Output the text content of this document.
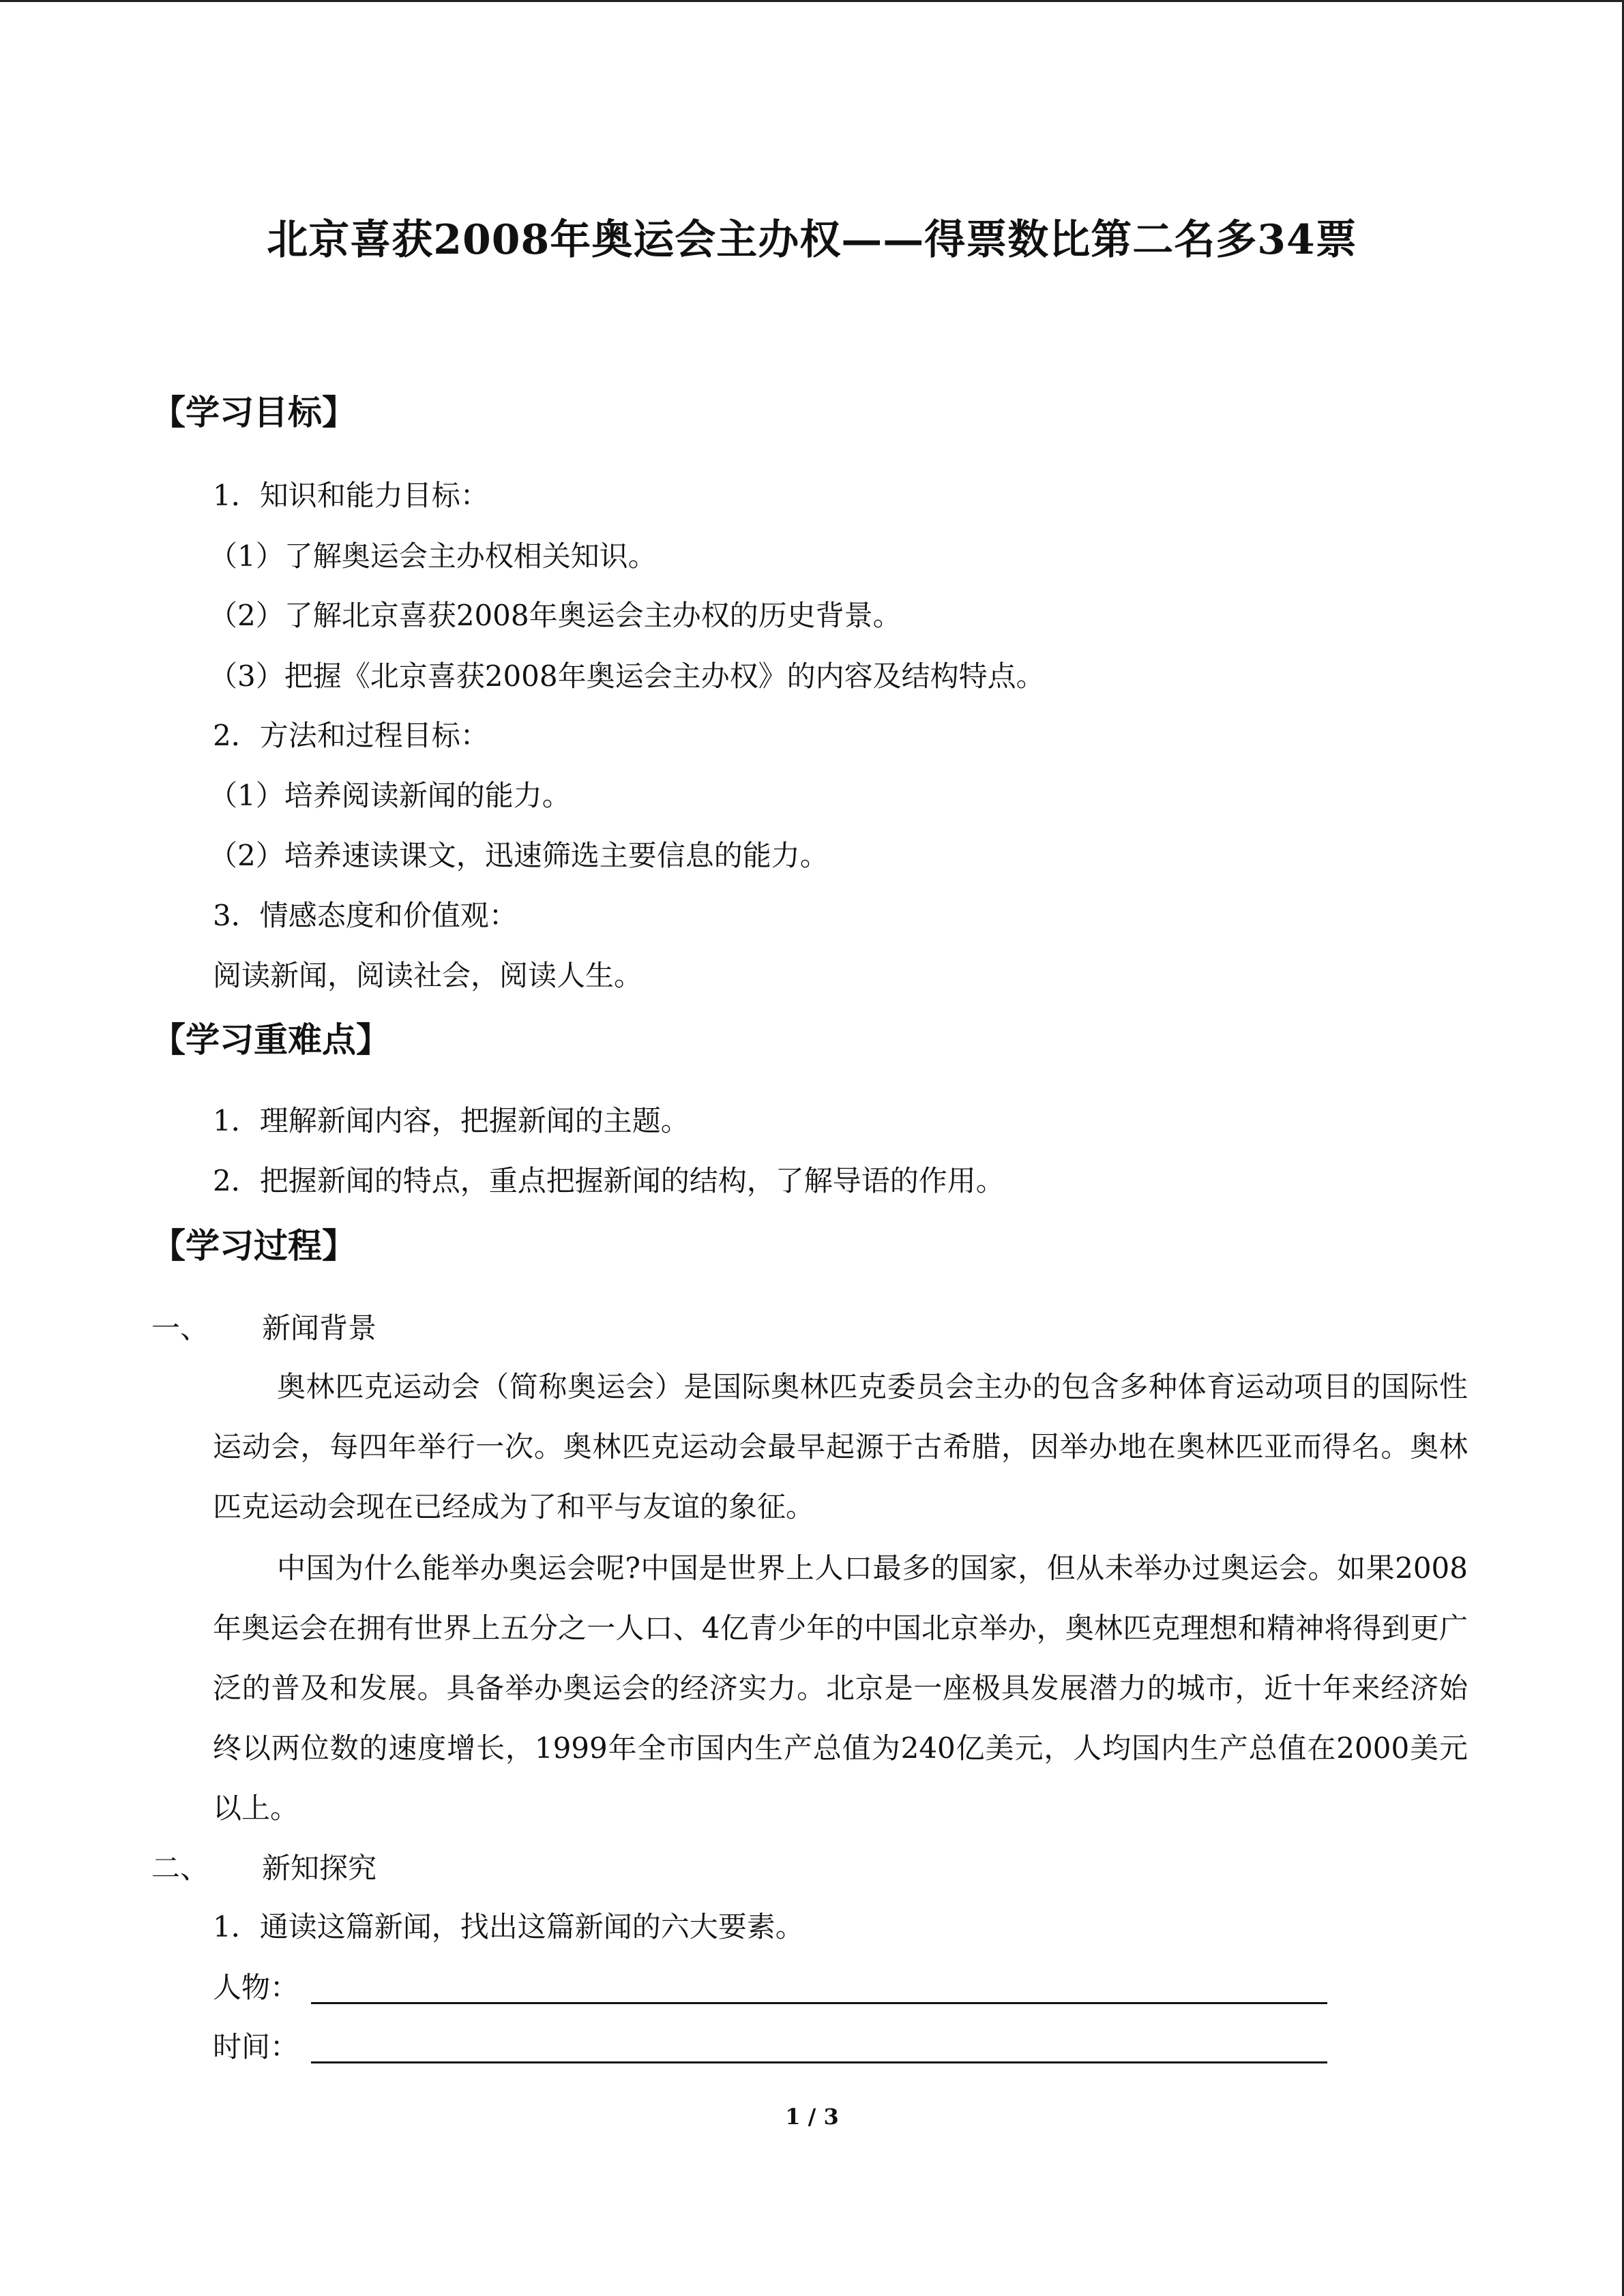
北京喜获2008年奥运会主办权——得票数比第二名多34票
【学习目标】
1．知识和能力目标：
（1）了解奥运会主办权相关知识。
（2）了解北京喜获2008年奥运会主办权的历史背景。
（3）把握《北京喜获2008年奥运会主办权》的内容及结构特点。
2．方法和过程目标：
（1）培养阅读新闻的能力。
（2）培养速读课文，迅速筛选主要信息的能力。
3．情感态度和价值观：
阅读新闻，阅读社会，阅读人生。
【学习重难点】
1．理解新闻内容，把握新闻的主题。
2．把握新闻的特点，重点把握新闻的结构，了解导语的作用。
【学习过程】
一、 新闻背景
奥林匹克运动会（简称奥运会）是国际奥林匹克委员会主办的包含多种体育运动项目的国际性运动会，每四年举行一次。奥林匹克运动会最早起源于古希腊，因举办地在奥林匹亚而得名。奥林匹克运动会现在已经成为了和平与友谊的象征。
中国为什么能举办奥运会呢?中国是世界上人口最多的国家，但从未举办过奥运会。如果2008年奥运会在拥有世界上五分之一人口、4亿青少年的中国北京举办，奥林匹克理想和精神将得到更广泛的普及和发展。具备举办奥运会的经济实力。北京是一座极具发展潜力的城市，近十年来经济始终以两位数的速度增长，1999年全市国内生产总值为240亿美元，人均国内生产总值在2000美元以上。
二、 新知探究
1．通读这篇新闻，找出这篇新闻的六大要素。
人物：
时间：
1 / 3
